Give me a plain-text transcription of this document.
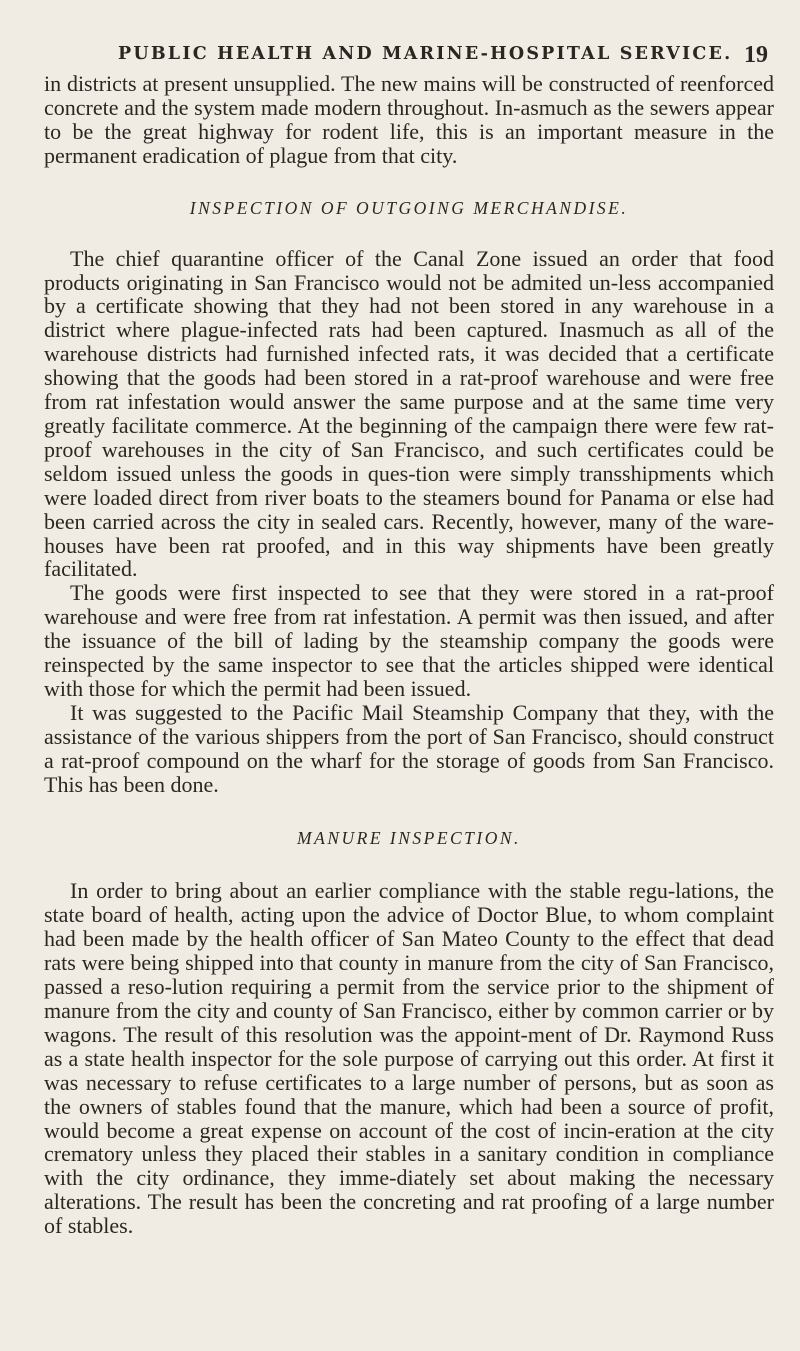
PUBLIC HEALTH AND MARINE-HOSPITAL SERVICE. 19

in districts at present unsupplied. The new mains will be constructed of reenforced concrete and the system made modern throughout. In-asmuch as the sewers appear to be the great highway for rodent life, this is an important measure in the permanent eradication of plague from that city.

INSPECTION OF OUTGOING MERCHANDISE.

The chief quarantine officer of the Canal Zone issued an order that food products originating in San Francisco would not be admited un-less accompanied by a certificate showing that they had not been stored in any warehouse in a district where plague-infected rats had been captured. Inasmuch as all of the warehouse districts had furnished infected rats, it was decided that a certificate showing that the goods had been stored in a rat-proof warehouse and were free from rat infestation would answer the same purpose and at the same time very greatly facilitate commerce. At the beginning of the campaign there were few rat-proof warehouses in the city of San Francisco, and such certificates could be seldom issued unless the goods in ques-tion were simply transshipments which were loaded direct from river boats to the steamers bound for Panama or else had been carried across the city in sealed cars. Recently, however, many of the ware-houses have been rat proofed, and in this way shipments have been greatly facilitated.

The goods were first inspected to see that they were stored in a rat-proof warehouse and were free from rat infestation. A permit was then issued, and after the issuance of the bill of lading by the steamship company the goods were reinspected by the same inspector to see that the articles shipped were identical with those for which the permit had been issued.

It was suggested to the Pacific Mail Steamship Company that they, with the assistance of the various shippers from the port of San Francisco, should construct a rat-proof compound on the wharf for the storage of goods from San Francisco. This has been done.

MANURE INSPECTION.

In order to bring about an earlier compliance with the stable regu-lations, the state board of health, acting upon the advice of Doctor Blue, to whom complaint had been made by the health officer of San Mateo County to the effect that dead rats were being shipped into that county in manure from the city of San Francisco, passed a reso-lution requiring a permit from the service prior to the shipment of manure from the city and county of San Francisco, either by common carrier or by wagons. The result of this resolution was the appoint-ment of Dr. Raymond Russ as a state health inspector for the sole purpose of carrying out this order. At first it was necessary to refuse certificates to a large number of persons, but as soon as the owners of stables found that the manure, which had been a source of profit, would become a great expense on account of the cost of incin-eration at the city crematory unless they placed their stables in a sanitary condition in compliance with the city ordinance, they imme-diately set about making the necessary alterations. The result has been the concreting and rat proofing of a large number of stables.
